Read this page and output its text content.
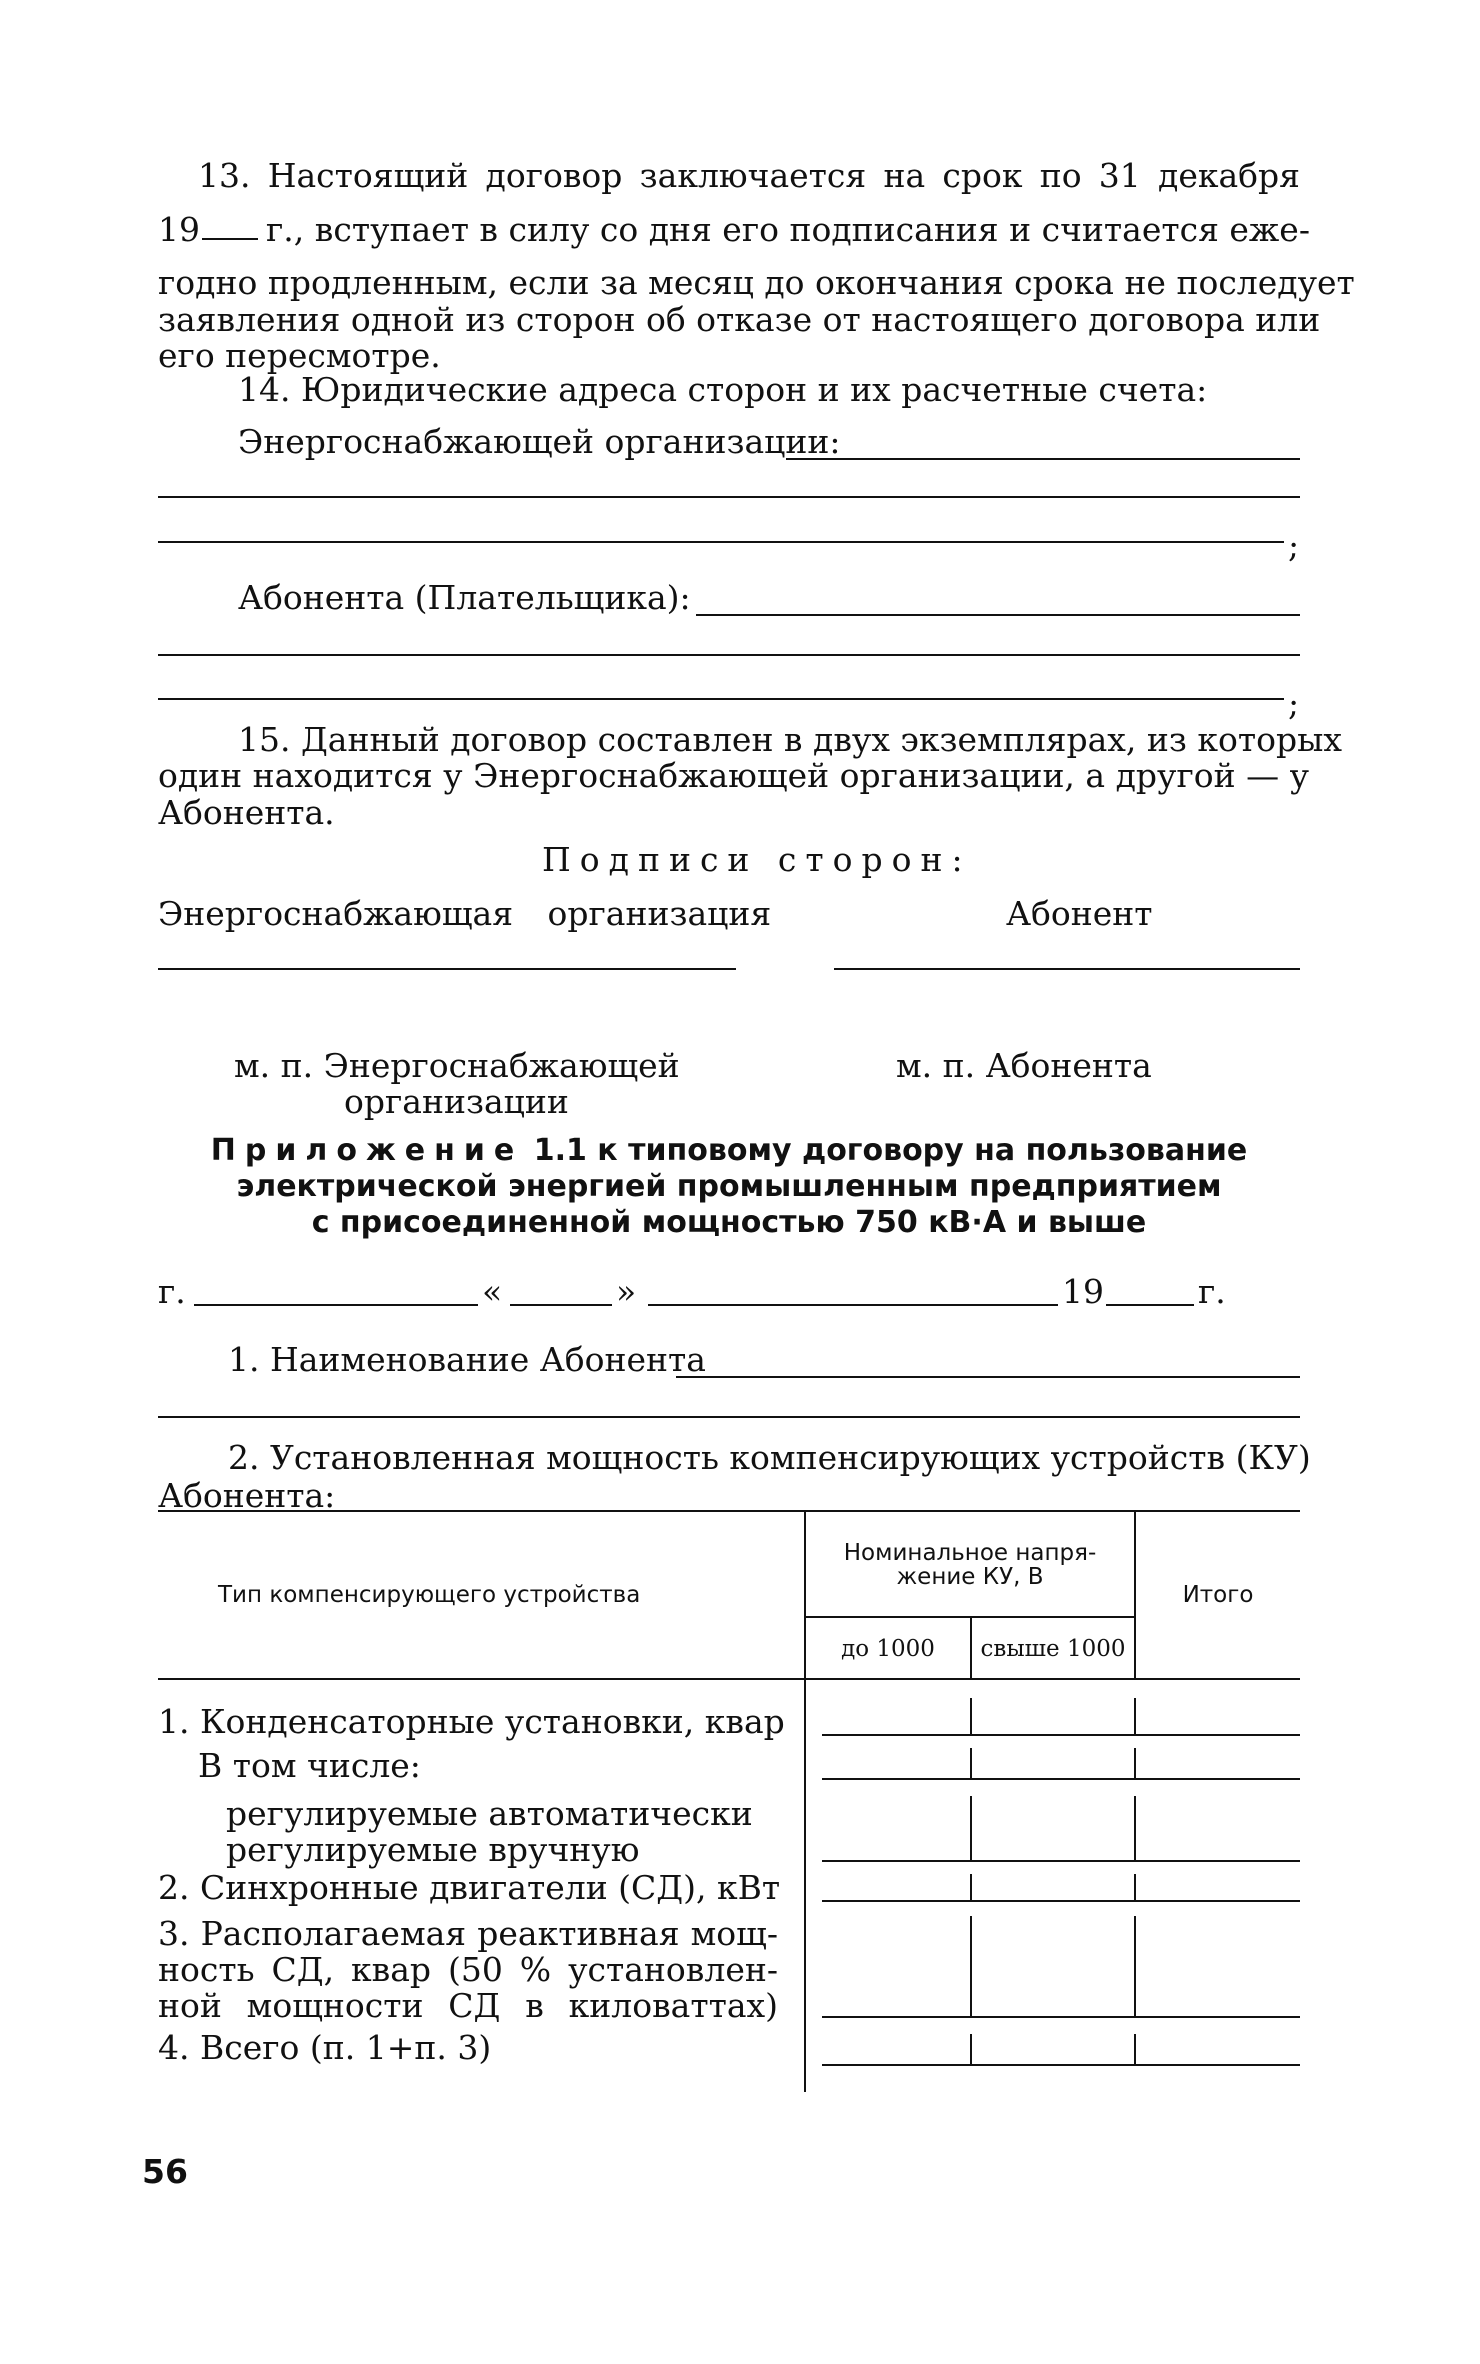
13. Настоящий договор заключается на срок по 31 декабря
19 г., вступает в силу со дня его подписания и считается еже-
годно продленным, если за месяц до окончания срока не последует
заявления одной из сторон об отказе от настоящего договора или
его пересмотре.
14. Юридические адреса сторон и их расчетные счета:
Энергоснабжающей организации:
;
Абонента (Плательщика):
;
15. Данный договор составлен в двух экземплярах, из которых
один находится у Энергоснабжающей организации, а другой — у
Абонента.
Подписи сторон:
Энергоснабжающая организация	Абонент
м. п. Энергоснабжающей
организации
м. п. Абонента
Приложение 1.1 к типовому договору на пользование
электрической энергией промышленным предприятием
с присоединенной мощностью 750 кВ·А и выше
г.	«	»	19	г.
1. Наименование Абонента
2. Установленная мощность компенсирующих устройств (КУ)
Абонента:
Тип компенсирующего устройства
Номинальное напря-
жение КУ, В
до 1000	свыше 1000
Итого
1. Конденсаторные установки, квар
В том числе:
регулируемые автоматически
регулируемые вручную
2. Синхронные двигатели (СД), кВт
3. Располагаемая реактивная мощ-
ность СД, квар (50 % установлен-
ной мощности СД в киловаттах)
4. Всего (п. 1+п. 3)
56
